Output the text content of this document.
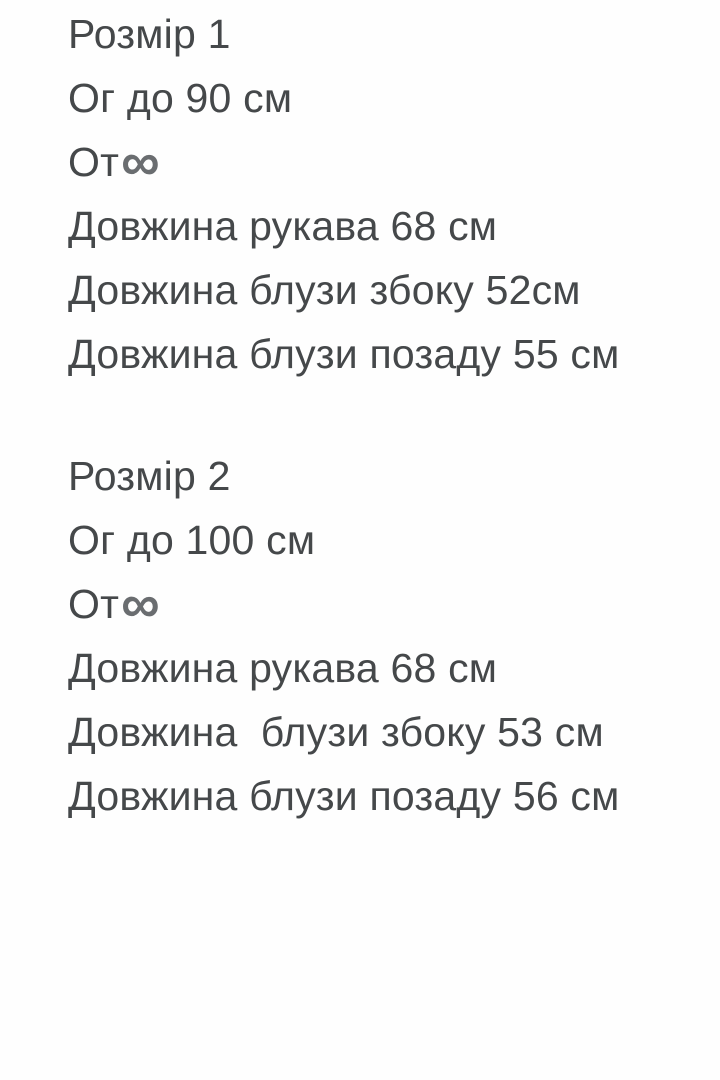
Розмір 1

Ог до 90 см

От∞

Довжина рукава 68 см

Довжина блузи збоку 52см

Довжина блузи позаду 55 см

Розмір 2

Ог до 100 см

От∞

Довжина рукава 68 см

Довжина  блузи збоку 53 см

Довжина блузи позаду 56 см
